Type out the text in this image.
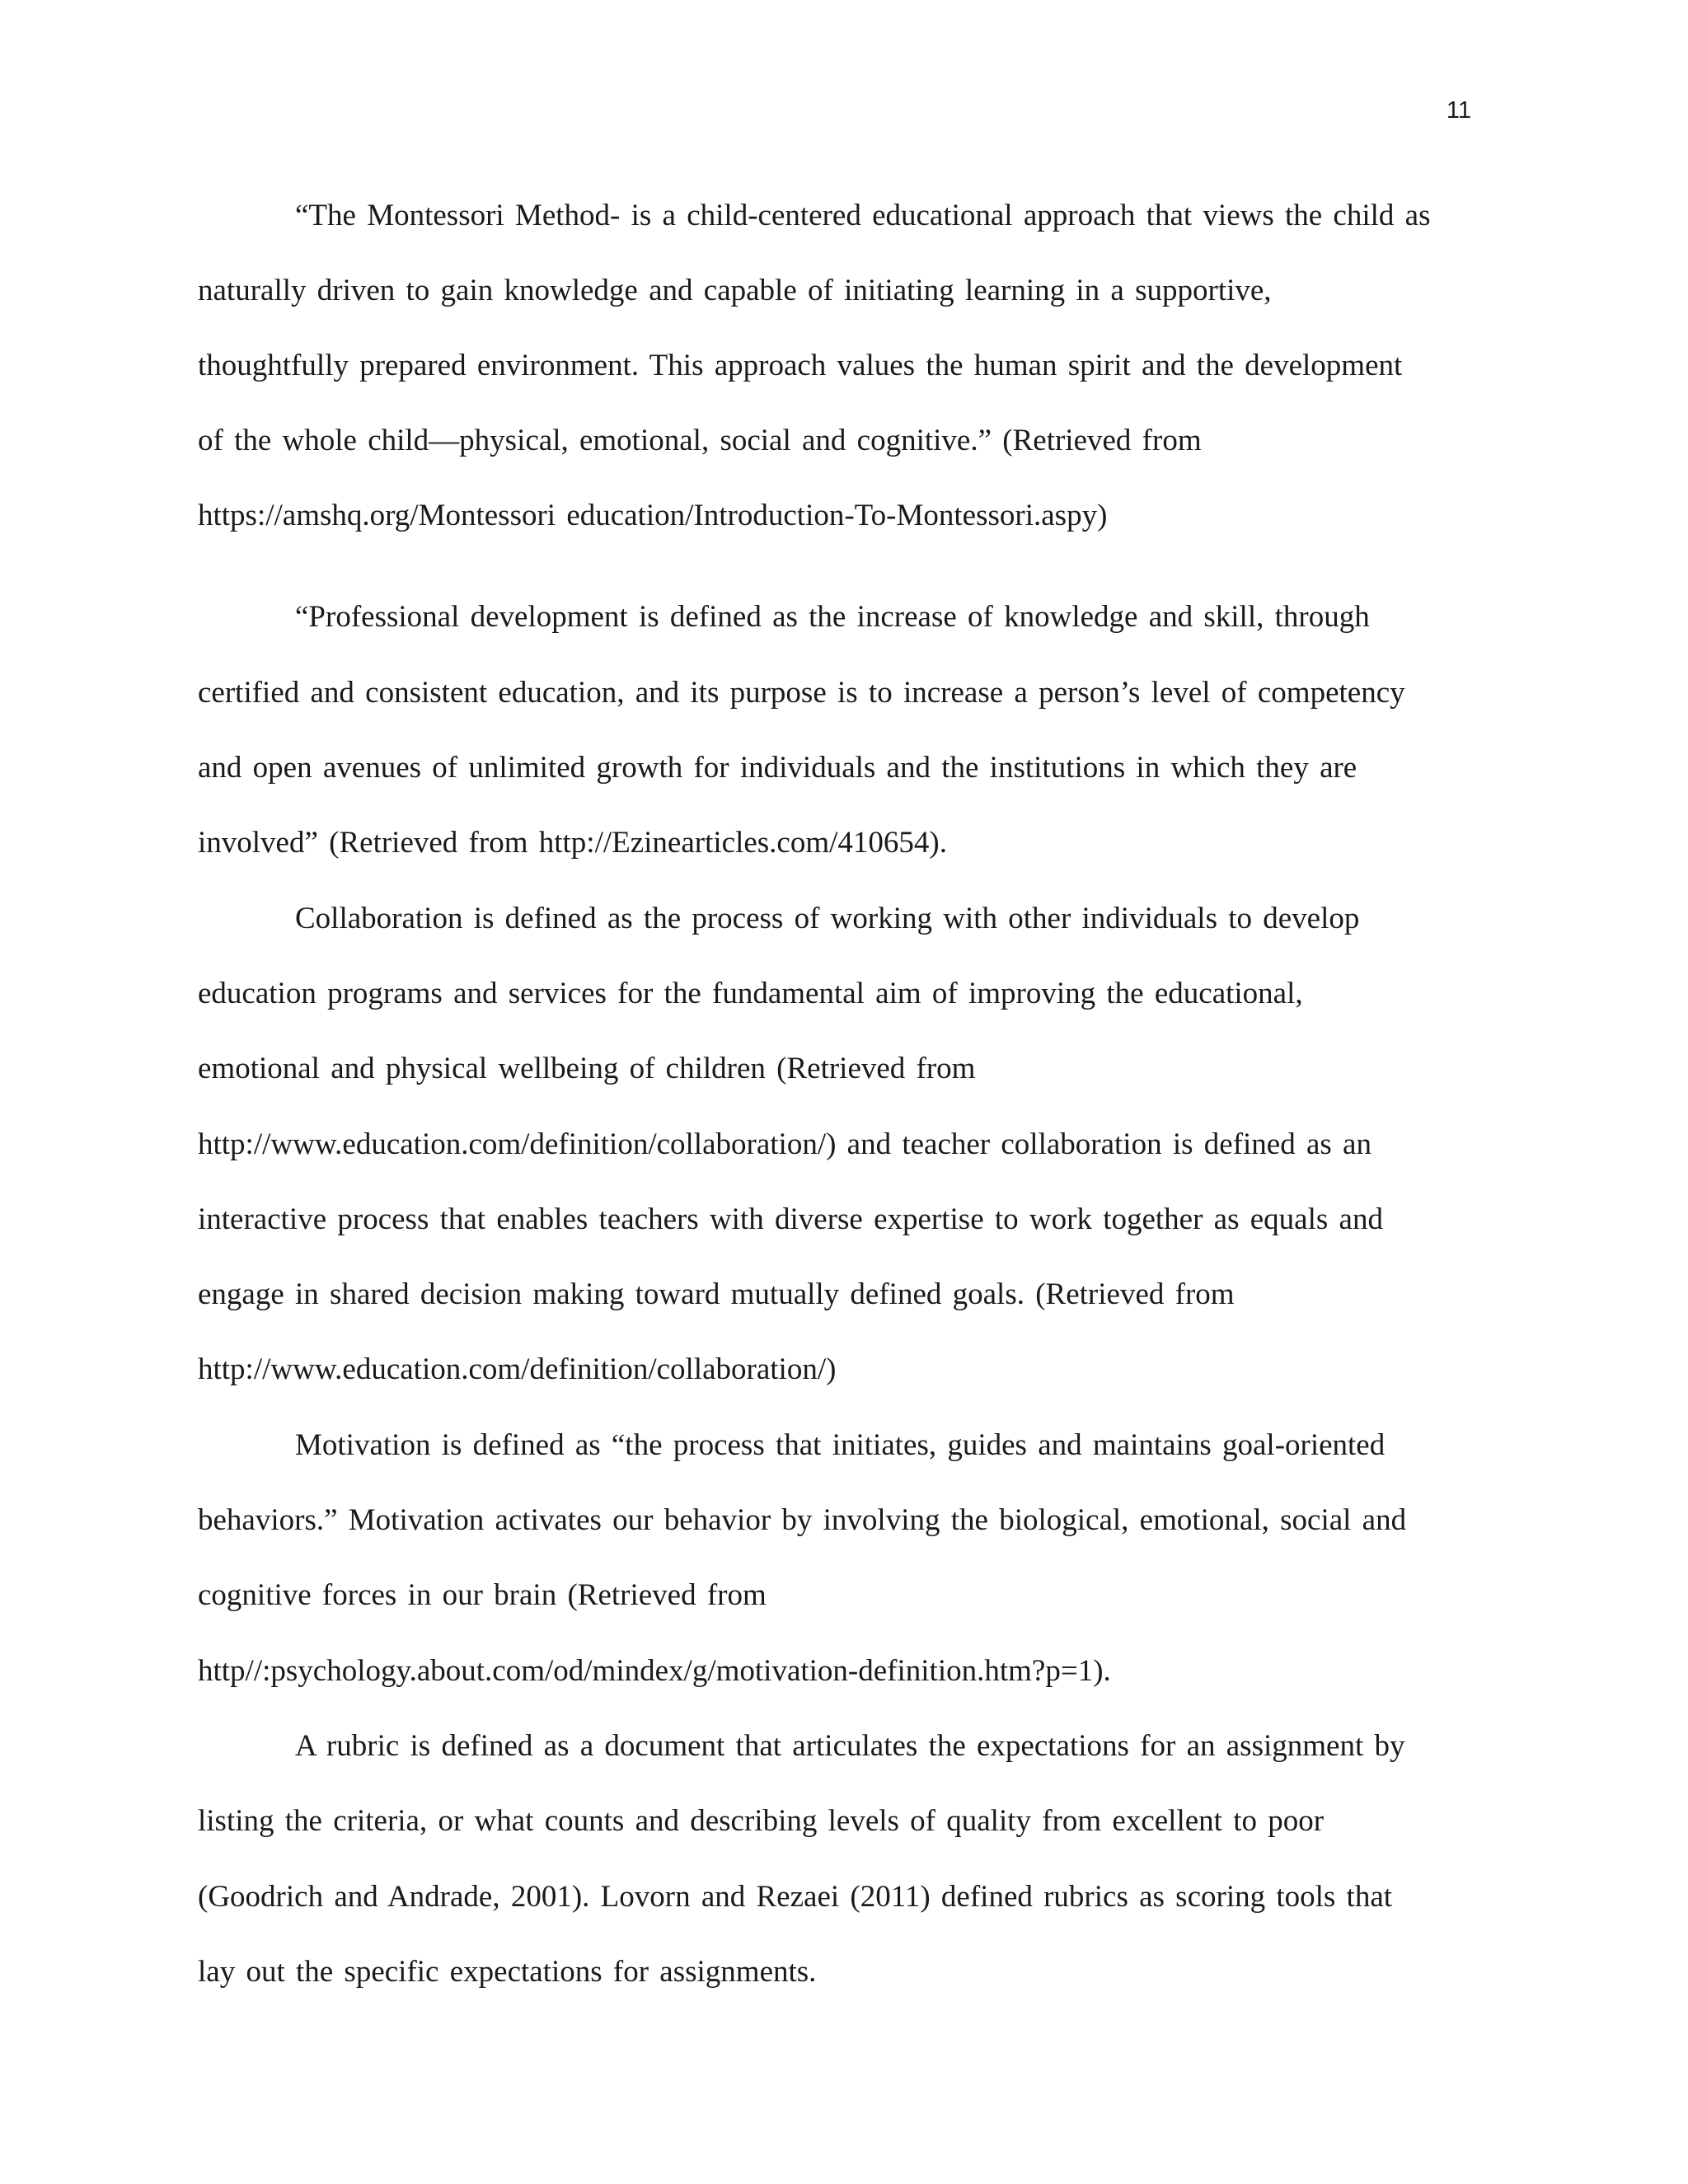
11
“The Montessori Method- is a child-centered educational approach that views the child as
naturally driven to gain knowledge and capable of initiating learning in a supportive,
thoughtfully prepared environment. This approach values the human spirit and the development
of the whole child—physical, emotional, social and cognitive.” (Retrieved from
https://amshq.org/Montessori education/Introduction-To-Montessori.aspy)
“Professional development is defined as the increase of knowledge and skill, through
certified and consistent education, and its purpose is to increase a person’s level of competency
and open avenues of unlimited growth for individuals and the institutions in which they are
involved” (Retrieved from http://Ezinearticles.com/410654).
Collaboration is defined as the process of working with other individuals to develop
education programs and services for the fundamental aim of improving the educational,
emotional and physical wellbeing of children (Retrieved from
http://www.education.com/definition/collaboration/) and teacher collaboration is defined as an
interactive process that enables teachers with diverse expertise to work together as equals and
engage in shared decision making toward mutually defined goals. (Retrieved from
http://www.education.com/definition/collaboration/)
Motivation is defined as “the process that initiates, guides and maintains goal-oriented
behaviors.” Motivation activates our behavior by involving the biological, emotional, social and
cognitive forces in our brain (Retrieved from
http//:psychology.about.com/od/mindex/g/motivation-definition.htm?p=1).
A rubric is defined as a document that articulates the expectations for an assignment by
listing the criteria, or what counts and describing levels of quality from excellent to poor
(Goodrich and Andrade, 2001). Lovorn and Rezaei (2011) defined rubrics as scoring tools that
lay out the specific expectations for assignments.
